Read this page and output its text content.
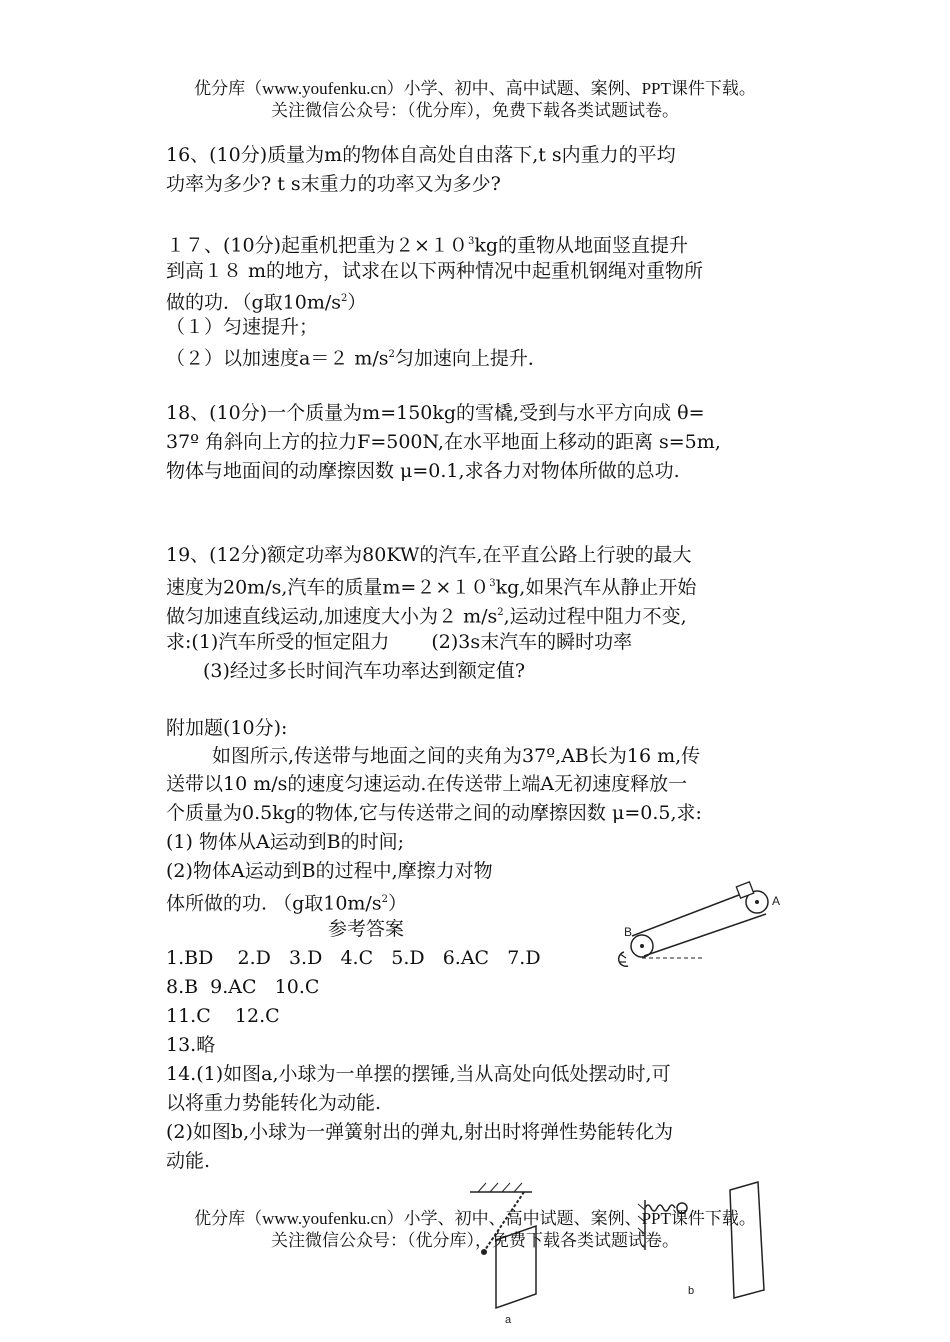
优分库（www.youfenku.cn）小学、初中、高中试题、案例、PPT课件下载。
关注微信公众号：（优分库），免费下载各类试题试卷。
16、(10分)质量为m的物体自高处自由落下,t s内重力的平均
功率为多少? t s末重力的功率又为多少?
１７、(10分)起重机把重为$2\times 10^3kg$的重物从地面竖直提升
到高１８ m的地方，试求在以下两种情况中起重机钢绳对重物所
做的功．（g取$10m/s^2$）
（１）匀速提升；
（２）以加速度a＝２ $m/s^2$匀加速向上提升．
18、(10分)一个质量为m=150kg的雪橇,受到与水平方向成 θ=
37º 角斜向上方的拉力F=500N,在水平地面上移动的距离 s=5m,
物体与地面间的动摩擦因数 μ=0.1,求各力对物体所做的总功.
19、(12分)额定功率为80KW的汽车,在平直公路上行驶的最大
速度为20m/s,汽车的质量$m=2\times 10^3kg$,如果汽车从静止开始
做匀加速直线运动,加速度大小为２ $m/s^2$,运动过程中阻力不变,
求:(1)汽车所受的恒定阻力 (2)3s末汽车的瞬时功率
(3)经过多长时间汽车功率达到额定值?
附加题(10分):
如图所示,传送带与地面之间的夹角为37º,AB长为16 m,传
送带以10 m/s的速度匀速运动.在传送带上端A无初速度释放一
个质量为0.5kg的物体,它与传送带之间的动摩擦因数 μ=0.5,求:
(1) 物体从A运动到B的时间;
(2)物体A运动到B的过程中,摩擦力对物
体所做的功. （g取$10m/s^2$）
B
A
参考答案
1.BD    2.D   3.D   4.C   5.D   6.AC   7.D
8.B  9.AC   10.C
11.C    12.C
13.略
14.(1)如图a,小球为一单摆的摆锤,当从高处向低处摆动时,可
以将重力势能转化为动能.
(2)如图b,小球为一弹簧射出的弹丸,射出时将弹性势能转化为
动能.
a
b
优分库（www.youfenku.cn）小学、初中、高中试题、案例、PPT课件下载。
关注微信公众号：（优分库），免费下载各类试题试卷。
